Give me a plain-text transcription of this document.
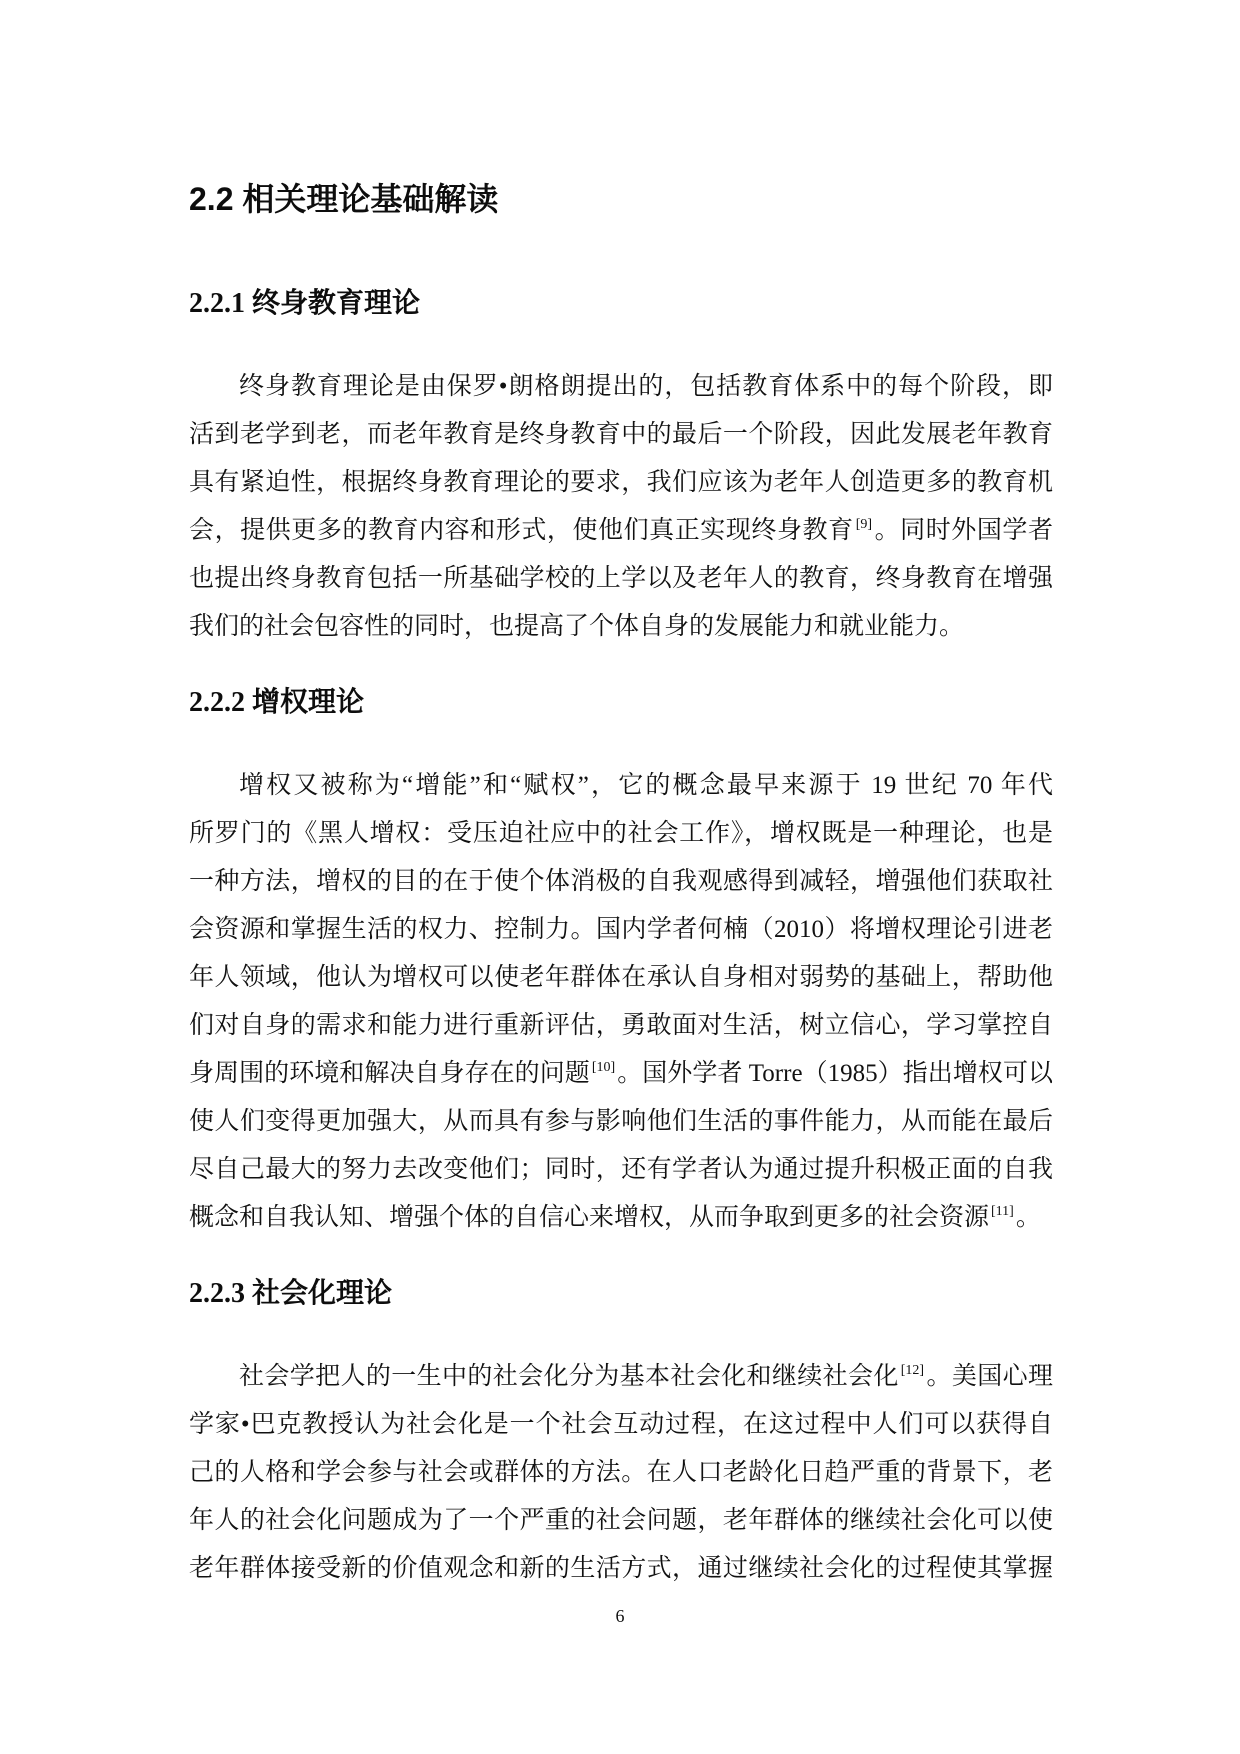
2.2 相关理论基础解读
2.2.1 终身教育理论
终身教育理论是由保罗•朗格朗提出的，包括教育体系中的每个阶段，即
活到老学到老，而老年教育是终身教育中的最后一个阶段，因此发展老年教育
具有紧迫性，根据终身教育理论的要求，我们应该为老年人创造更多的教育机
会，提供更多的教育内容和形式，使他们真正实现终身教育 [9]。同时外国学者
也提出终身教育包括一所基础学校的上学以及老年人的教育，终身教育在增强
我们的社会包容性的同时，也提高了个体自身的发展能力和就业能力。
2.2.2 增权理论
增权又被称为“增能”和“赋权”，它的概念最早来源于 19 世纪 70 年代
所罗门的《黑人增权：受压迫社应中的社会工作》，增权既是一种理论，也是
一种方法，增权的目的在于使个体消极的自我观感得到减轻，增强他们获取社
会资源和掌握生活的权力、控制力。国内学者何楠（2010）将增权理论引进老
年人领域，他认为增权可以使老年群体在承认自身相对弱势的基础上，帮助他
们对自身的需求和能力进行重新评估，勇敢面对生活，树立信心，学习掌控自
身周围的环境和解决自身存在的问题 [10]。国外学者 Torre（1985）指出增权可以
使人们变得更加强大，从而具有参与影响他们生活的事件能力，从而能在最后
尽自己最大的努力去改变他们；同时，还有学者认为通过提升积极正面的自我
概念和自我认知、增强个体的自信心来增权，从而争取到更多的社会资源 [11]。
2.2.3 社会化理论
社会学把人的一生中的社会化分为基本社会化和继续社会化 [12]。美国心理
学家•巴克教授认为社会化是一个社会互动过程，在这过程中人们可以获得自
己的人格和学会参与社会或群体的方法。在人口老龄化日趋严重的背景下，老
年人的社会化问题成为了一个严重的社会问题，老年群体的继续社会化可以使
老年群体接受新的价值观念和新的生活方式，通过继续社会化的过程使其掌握
6
